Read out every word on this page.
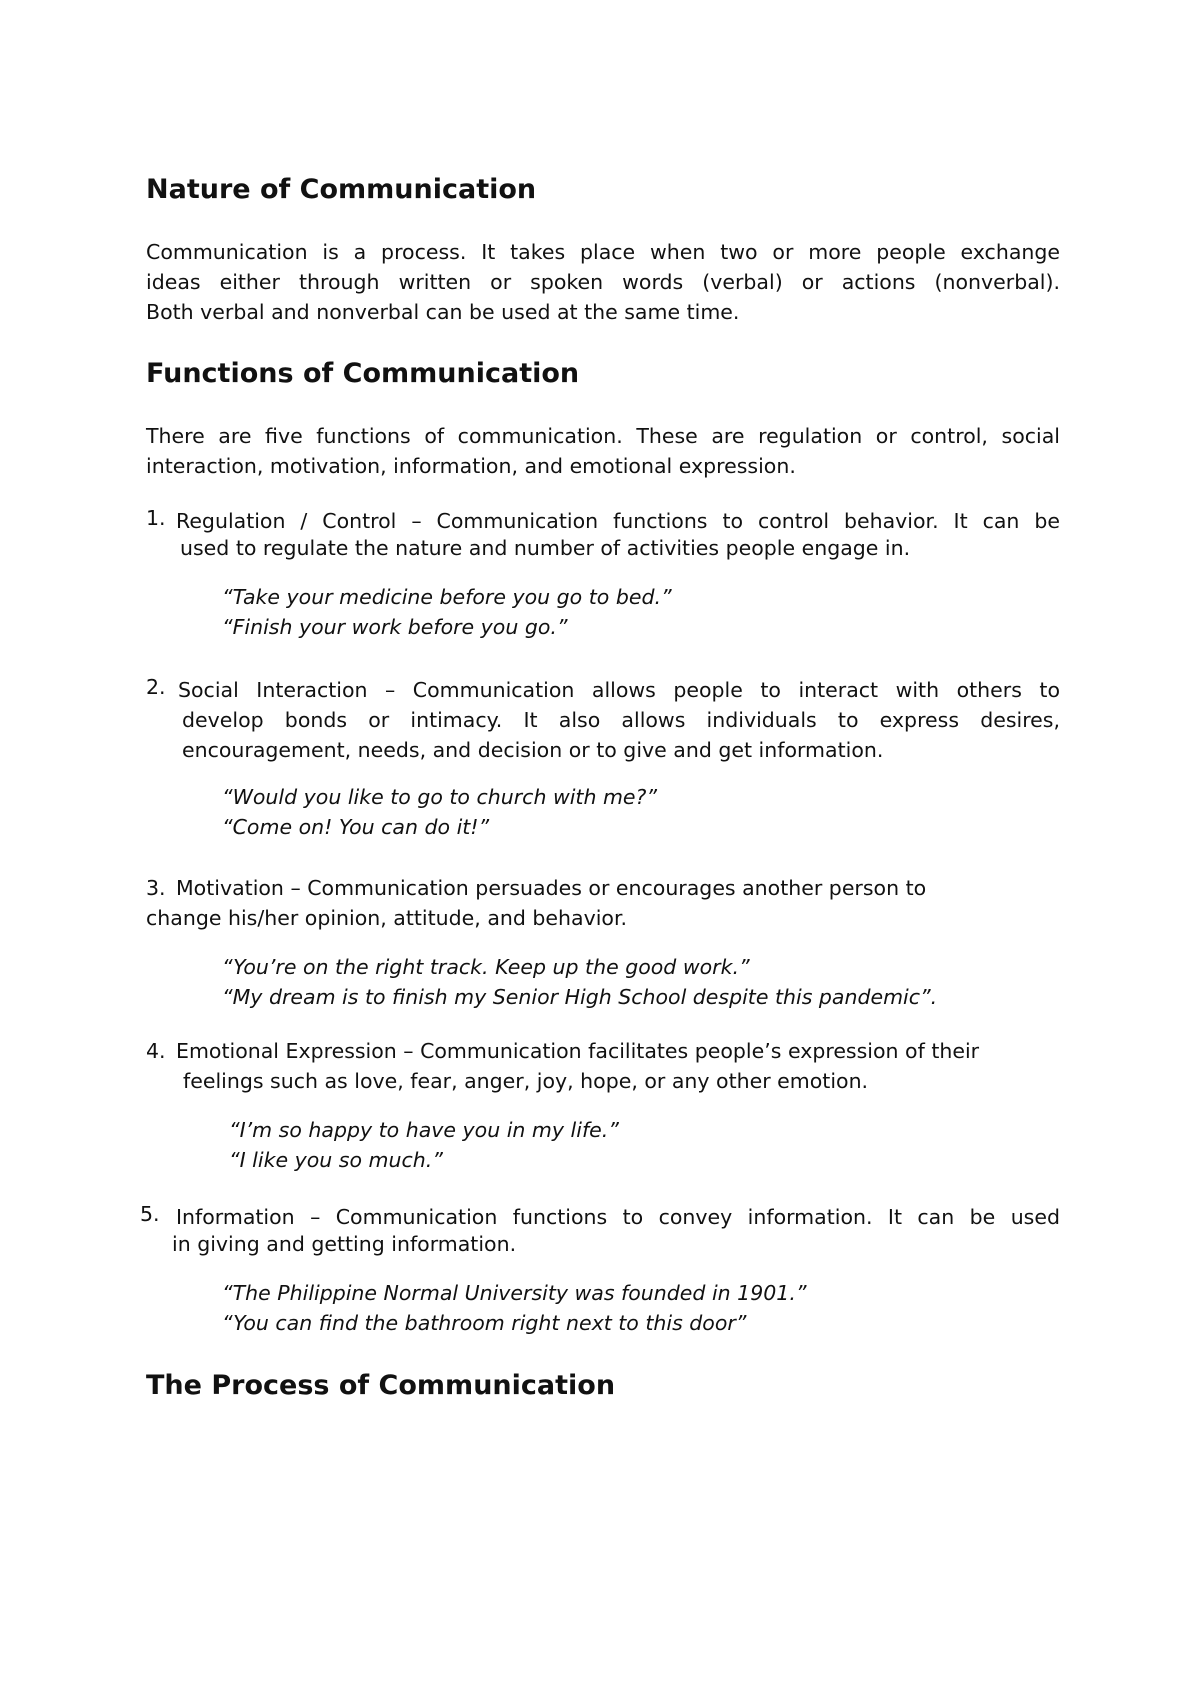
Nature of Communication
Communication is a process. It takes place when two or more people exchange
ideas either through written or spoken words (verbal) or actions (nonverbal).
Both verbal and nonverbal can be used at the same time.
Functions of Communication
There are five functions of communication. These are regulation or control, social
interaction, motivation, information, and emotional expression.
1. Regulation / Control – Communication functions to control behavior. It can be
used to regulate the nature and number of activities people engage in.
“Take your medicine before you go to bed.”
“Finish your work before you go.”
2. Social Interaction – Communication allows people to interact with others to
develop bonds or intimacy. It also allows individuals to express desires,
encouragement, needs, and decision or to give and get information.
“Would you like to go to church with me?”
“Come on! You can do it!”
3. Motivation – Communication persuades or encourages another person to
change his/her opinion, attitude, and behavior.
“You’re on the right track. Keep up the good work.”
“My dream is to finish my Senior High School despite this pandemic”.
4. Emotional Expression – Communication facilitates people’s expression of their
feelings such as love, fear, anger, joy, hope, or any other emotion.
“I’m so happy to have you in my life.”
“I like you so much.”
5. Information – Communication functions to convey information. It can be used
in giving and getting information.
“The Philippine Normal University was founded in 1901.”
“You can find the bathroom right next to this door”
The Process of Communication
